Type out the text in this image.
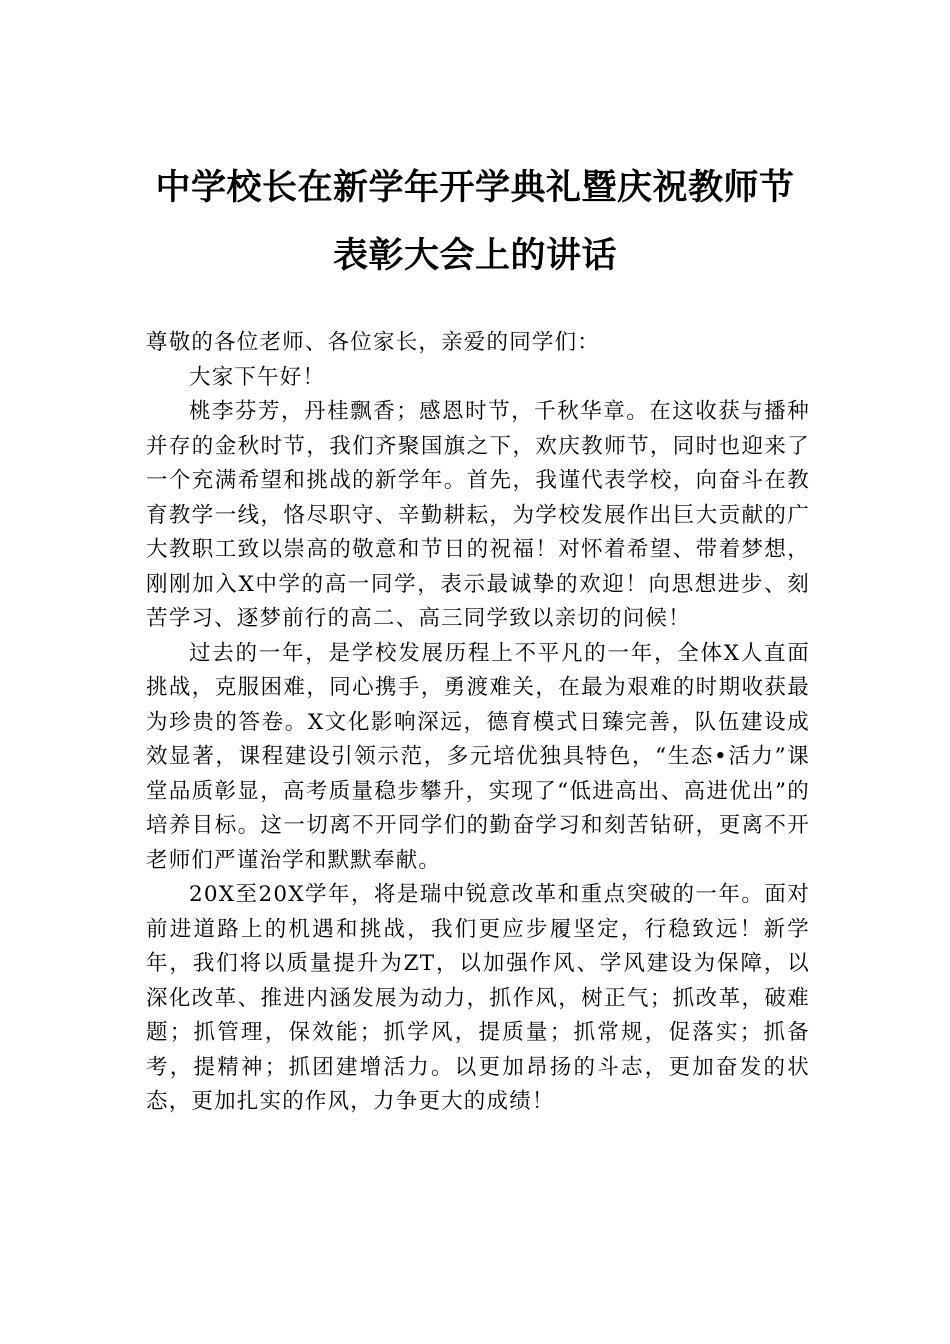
中学校长在新学年开学典礼暨庆祝教师节
表彰大会上的讲话

尊敬的各位老师、各位家长，亲爱的同学们：

大家下午好！

桃李芬芳，丹桂飘香；感恩时节，千秋华章。在这收获与播种并存的金秋时节，我们齐聚国旗之下，欢庆教师节，同时也迎来了一个充满希望和挑战的新学年。首先，我谨代表学校，向奋斗在教育教学一线，恪尽职守、辛勤耕耘，为学校发展作出巨大贡献的广大教职工致以崇高的敬意和节日的祝福！对怀着希望、带着梦想，刚刚加入X中学的高一同学，表示最诚挚的欢迎！向思想进步、刻苦学习、逐梦前行的高二、高三同学致以亲切的问候！

过去的一年，是学校发展历程上不平凡的一年，全体X人直面挑战，克服困难，同心携手，勇渡难关，在最为艰难的时期收获最为珍贵的答卷。X文化影响深远，德育模式日臻完善，队伍建设成效显著，课程建设引领示范，多元培优独具特色，“生态•活力”课堂品质彰显，高考质量稳步攀升，实现了“低进高出、高进优出”的培养目标。这一切离不开同学们的勤奋学习和刻苦钻研，更离不开老师们严谨治学和默默奉献。

20X至20X学年，将是瑞中锐意改革和重点突破的一年。面对前进道路上的机遇和挑战，我们更应步履坚定，行稳致远！新学年，我们将以质量提升为ZT，以加强作风、学风建设为保障，以深化改革、推进内涵发展为动力，抓作风，树正气；抓改革，破难题；抓管理，保效能；抓学风，提质量；抓常规，促落实；抓备考，提精神；抓团建增活力。以更加昂扬的斗志，更加奋发的状态，更加扎实的作风，力争更大的成绩！
